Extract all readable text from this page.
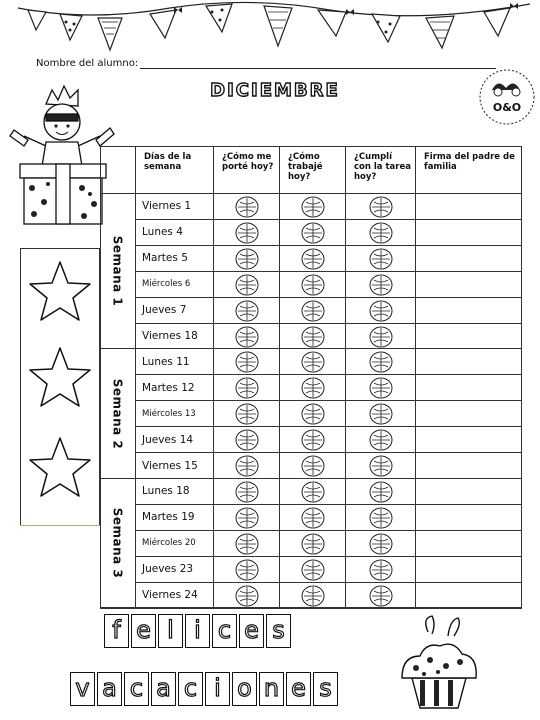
Nombre del alumno:
DICIEMBRE
O&O
Días de la semana
¿Cómo me porté hoy?
¿Cómo trabajé hoy?
¿Cumplí con la tarea hoy?
Firma del padre de familia
Viernes 1
Lunes 4
Martes 5
Miércoles 6
Jueves 7
Viernes 18
Semana 1
Lunes 11
Martes 12
Miércoles 13
Jueves 14
Viernes 15
Semana 2
Lunes 18
Martes 19
Miércoles 20
Jueves 23
Viernes 24
Semana 3
f e l i c e s
v a c a c i o n e s
